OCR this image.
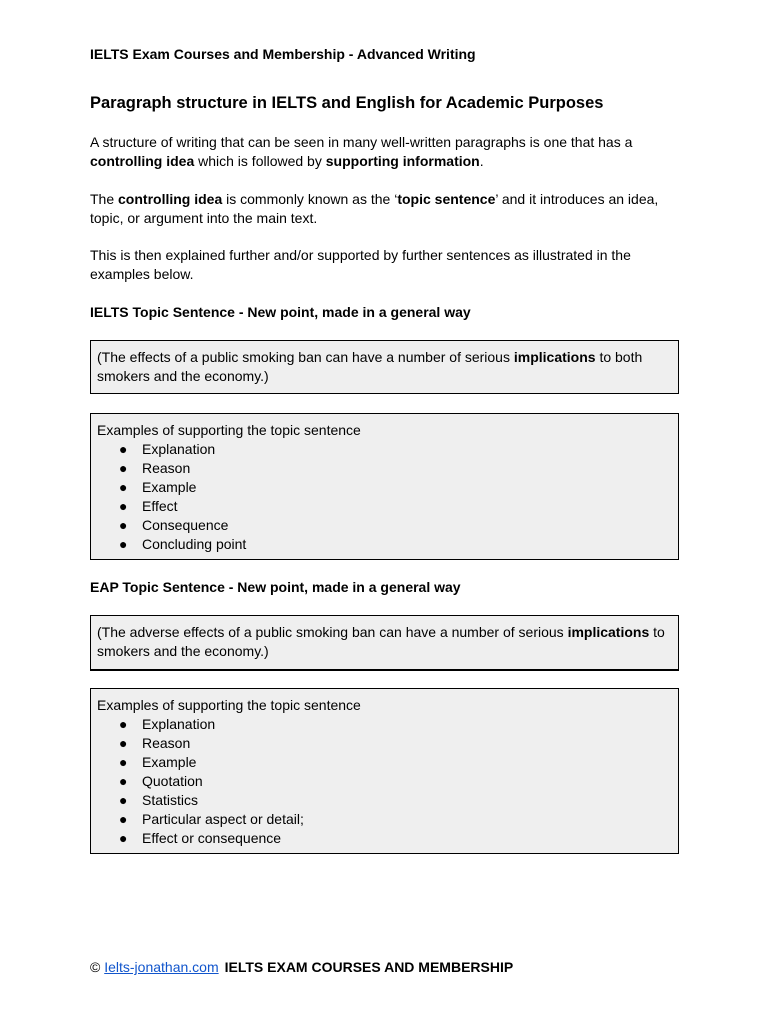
IELTS Exam Courses and Membership - Advanced Writing
Paragraph structure in IELTS and English for Academic Purposes
A structure of writing that can be seen in many well-written paragraphs is one that has a controlling idea which is followed by supporting information.
The controlling idea is commonly known as the ‘topic sentence’ and it introduces an idea, topic, or argument into the main text.
This is then explained further and/or supported by further sentences as illustrated in the examples below.
IELTS Topic Sentence - New point, made in a general way
(The effects of a public smoking ban can have a number of serious implications to both smokers and the economy.)
Examples of supporting the topic sentence
● Explanation
● Reason
● Example
● Effect
● Consequence
● Concluding point
EAP Topic Sentence - New point, made in a general way
(The adverse effects of a public smoking ban can have a number of serious implications to smokers and the economy.)
Examples of supporting the topic sentence
● Explanation
● Reason
● Example
● Quotation
● Statistics
● Particular aspect or detail;
● Effect or consequence
© Ielts-jonathan.com IELTS EXAM COURSES AND MEMBERSHIP
